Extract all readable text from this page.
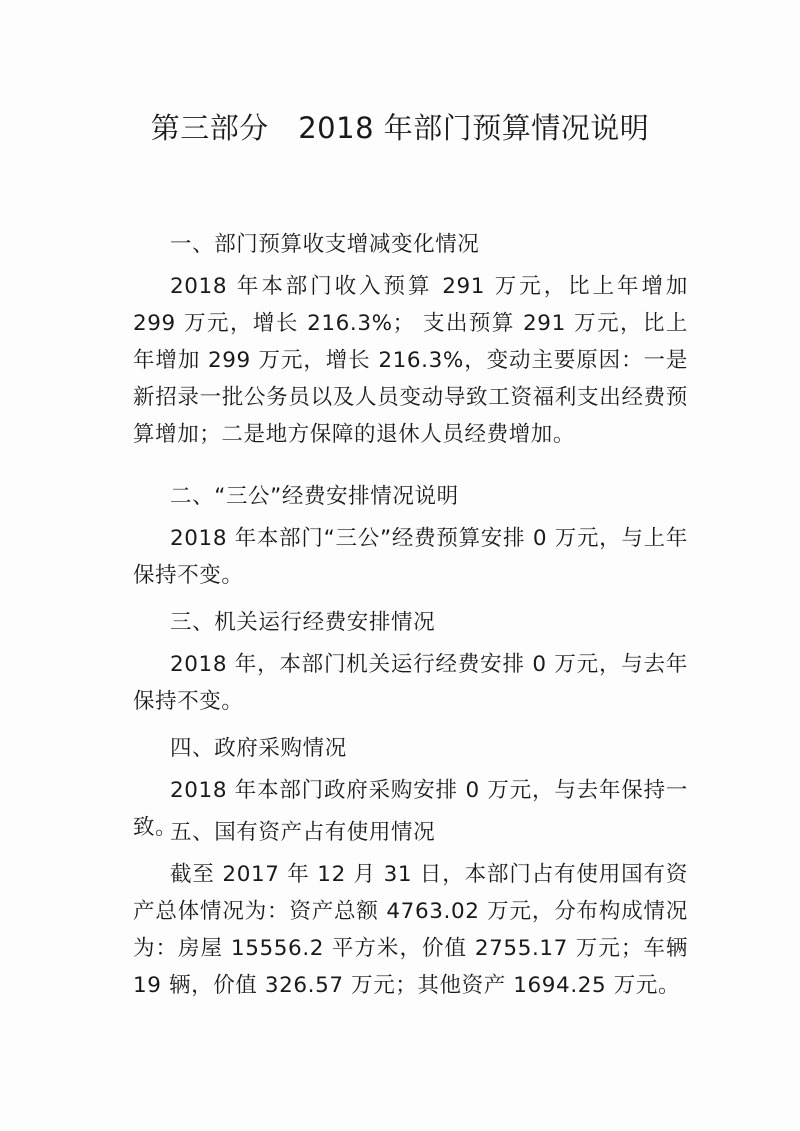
第三部分　2018 年部门预算情况说明

一、部门预算收支增减变化情况

2018 年本部门收入预算 291 万元，比上年增加 299 万元，增长 216.3%； 支出预算 291 万元，比上年增加 299 万元，增长 216.3%，变动主要原因：一是新招录一批公务员以及人员变动导致工资福利支出经费预算增加；二是地方保障的退休人员经费增加。

二、“三公”经费安排情况说明

2018 年本部门“三公”经费预算安排 0 万元，与上年保持不变。

三、机关运行经费安排情况

2018 年，本部门机关运行经费安排 0 万元，与去年保持不变。

四、政府采购情况

2018 年本部门政府采购安排 0 万元，与去年保持一致。

五、国有资产占有使用情况

截至 2017 年 12 月 31 日，本部门占有使用国有资产总体情况为：资产总额 4763.02 万元，分布构成情况为：房屋 15556.2 平方米，价值 2755.17 万元；车辆 19 辆，价值 326.57 万元；其他资产 1694.25 万元。
